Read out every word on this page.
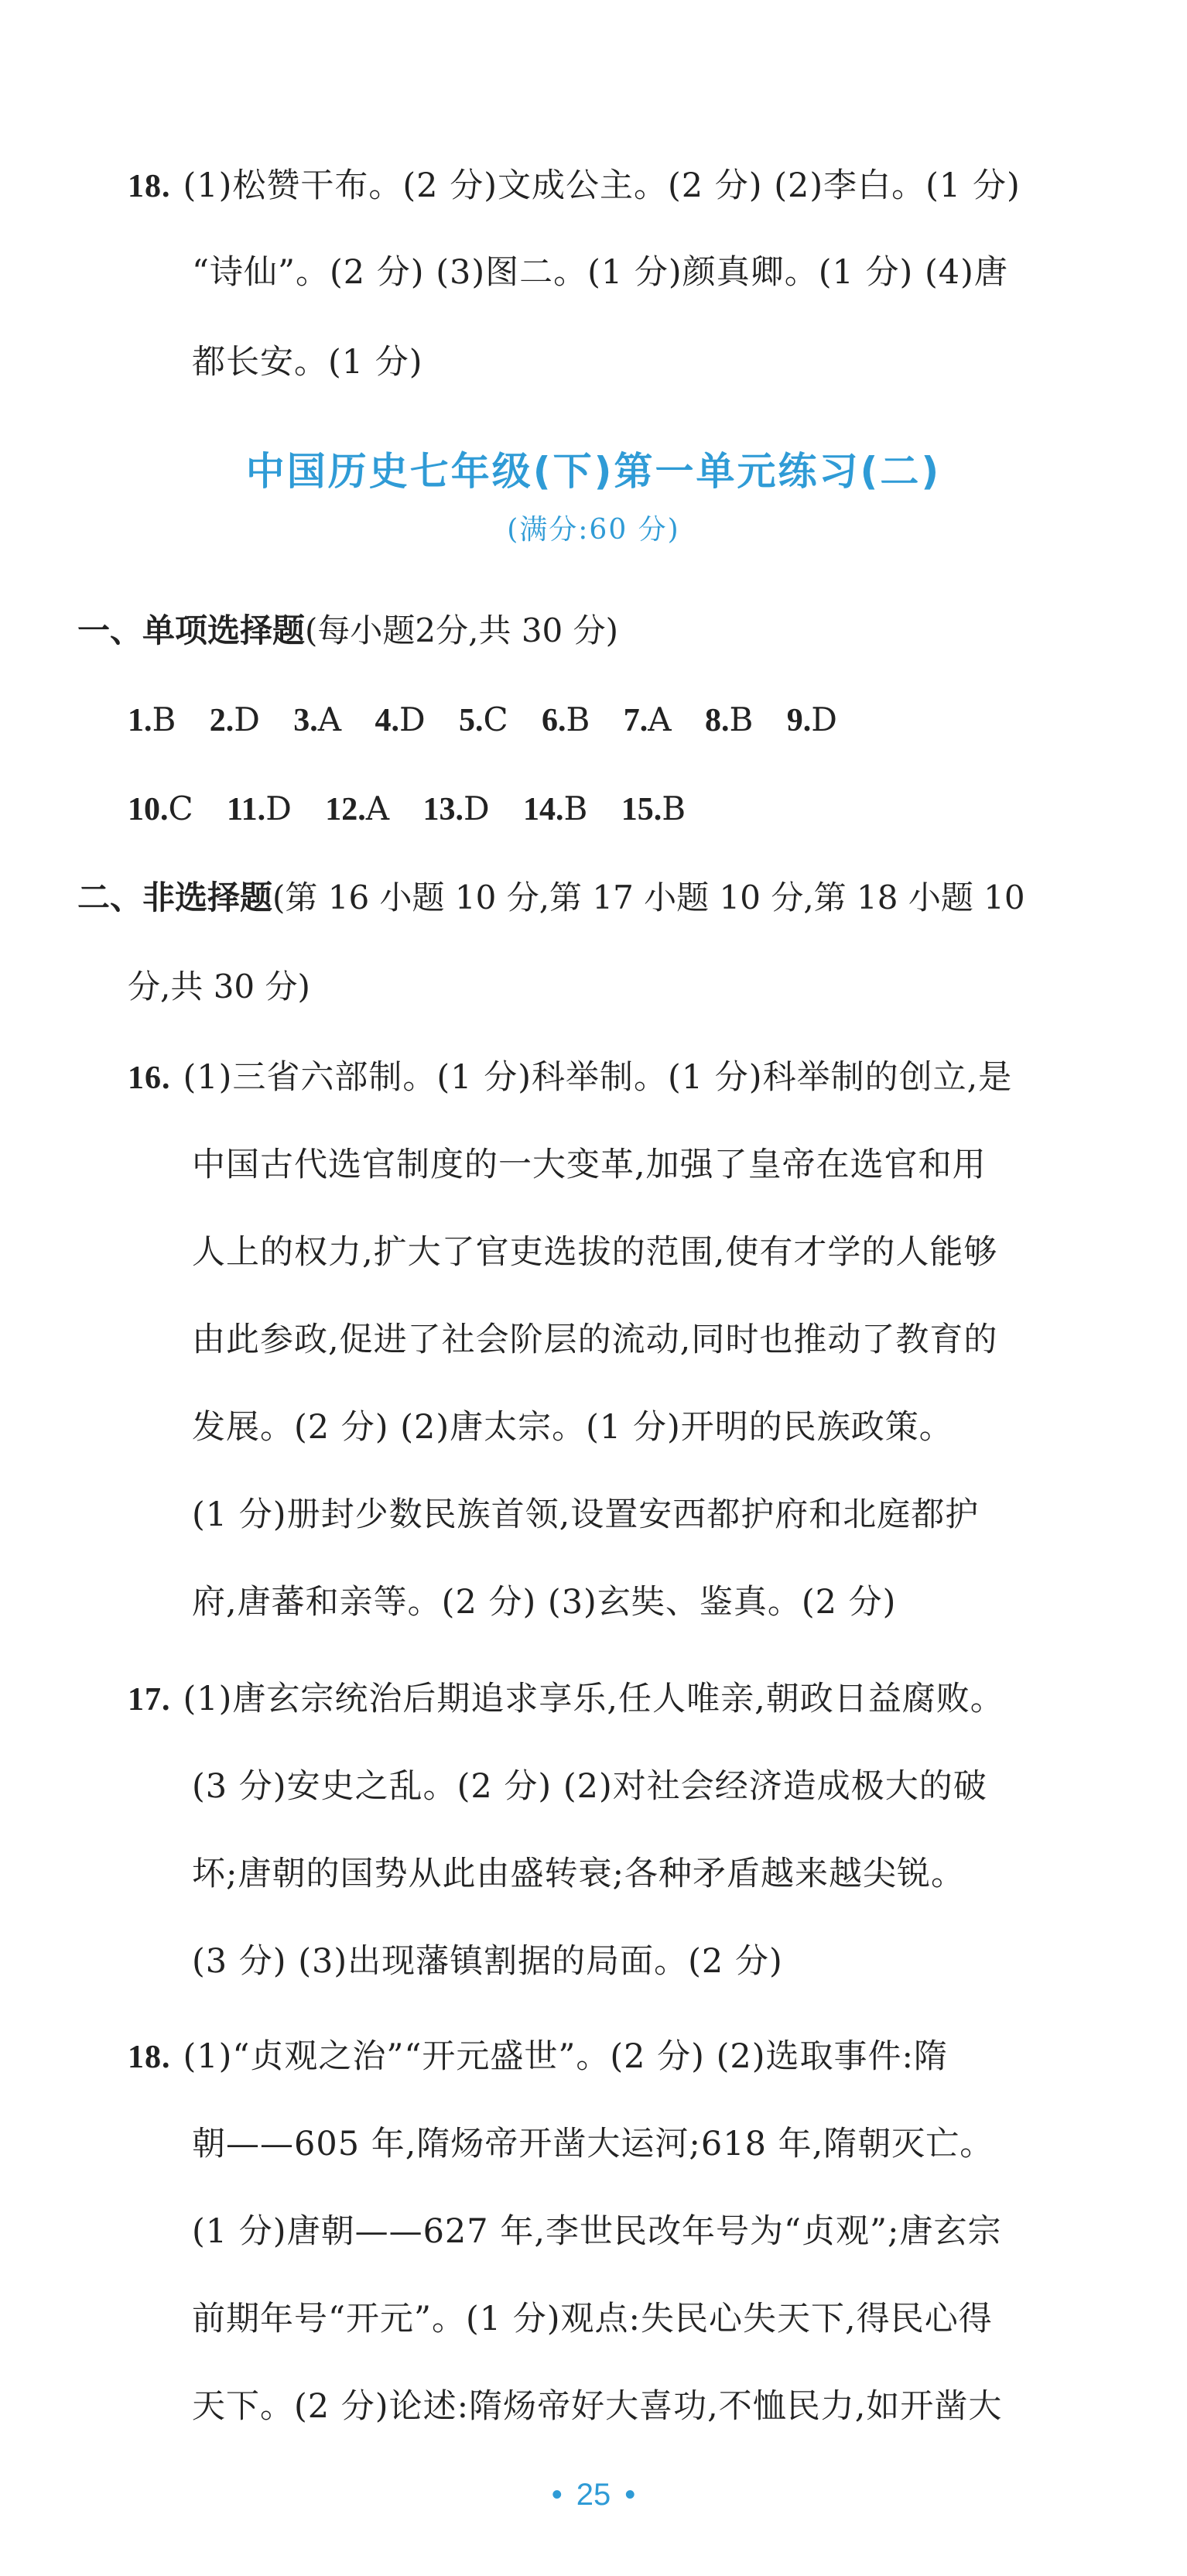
18. (1)松赞干布。(2 分)文成公主。(2 分) (2)李白。(1 分)
“诗仙”。(2 分) (3)图二。(1 分)颜真卿。(1 分) (4)唐
都长安。(1 分)
中国历史七年级(下)第一单元练习(二)
(满分:60 分)
一、单项选择题(每小题2分,共 30 分)
1.B 2.D 3.A 4.D 5.C 6.B 7.A 8.B 9.D
10.C 11.D 12.A 13.D 14.B 15.B
二、非选择题(第 16 小题 10 分,第 17 小题 10 分,第 18 小题 10
分,共 30 分)
16. (1)三省六部制。(1 分)科举制。(1 分)科举制的创立,是
中国古代选官制度的一大变革,加强了皇帝在选官和用
人上的权力,扩大了官吏选拔的范围,使有才学的人能够
由此参政,促进了社会阶层的流动,同时也推动了教育的
发展。(2 分) (2)唐太宗。(1 分)开明的民族政策。
(1 分)册封少数民族首领,设置安西都护府和北庭都护
府,唐蕃和亲等。(2 分) (3)玄奘、鉴真。(2 分)
17. (1)唐玄宗统治后期追求享乐,任人唯亲,朝政日益腐败。
(3 分)安史之乱。(2 分) (2)对社会经济造成极大的破
坏;唐朝的国势从此由盛转衰;各种矛盾越来越尖锐。
(3 分) (3)出现藩镇割据的局面。(2 分)
18. (1)“贞观之治”“开元盛世”。(2 分) (2)选取事件:隋
朝——605 年,隋炀帝开凿大运河;618 年,隋朝灭亡。
(1 分)唐朝——627 年,李世民改年号为“贞观”;唐玄宗
前期年号“开元”。(1 分)观点:失民心失天下,得民心得
天下。(2 分)论述:隋炀帝好大喜功,不恤民力,如开凿大
• 25 •
